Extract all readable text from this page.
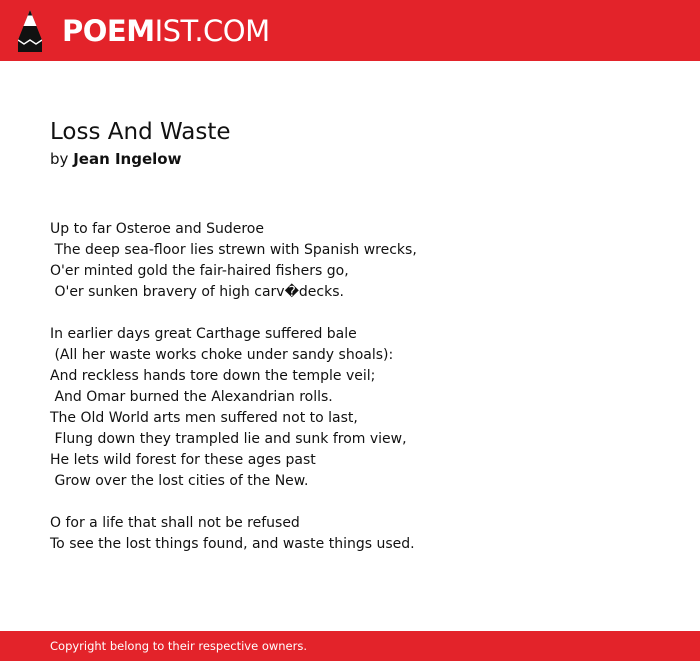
POEMIST.COM
Loss And Waste
by Jean Ingelow
Up to far Osteroe and Suderoe
The deep sea-floor lies strewn with Spanish wrecks,
O'er minted gold the fair-haired fishers go,
O'er sunken bravery of high carv�decks.
In earlier days great Carthage suffered bale
(All her waste works choke under sandy shoals):
And reckless hands tore down the temple veil;
And Omar burned the Alexandrian rolls.
The Old World arts men suffered not to last,
Flung down they trampled lie and sunk from view,
He lets wild forest for these ages past
Grow over the lost cities of the New.
O for a life that shall not be refused
To see the lost things found, and waste things used.
Copyright belong to their respective owners.
